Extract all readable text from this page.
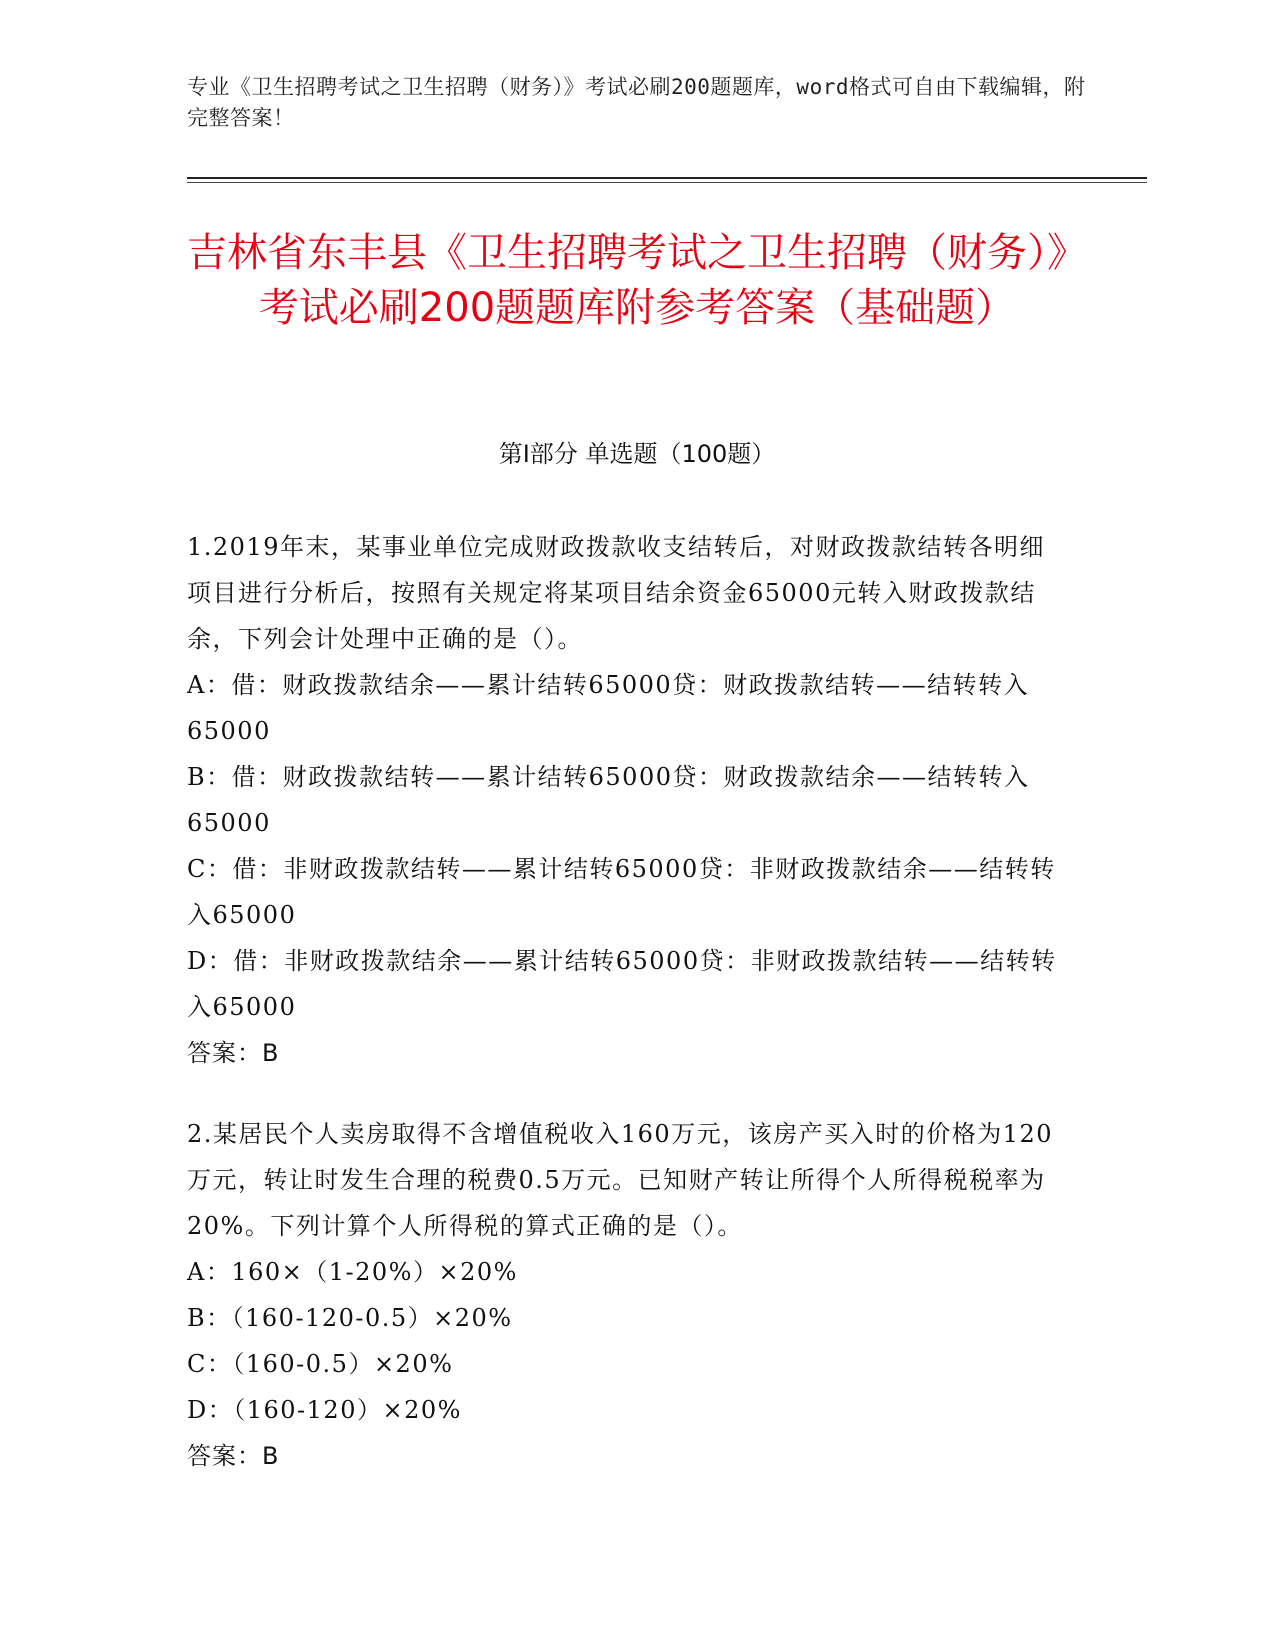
专业《卫生招聘考试之卫生招聘（财务）》考试必刷200题题库，word格式可自由下载编辑，附完整答案！
吉林省东丰县《卫生招聘考试之卫生招聘（财务）》考试必刷200题题库附参考答案（基础题）
第Ⅰ部分 单选题（100题）
1.2019年末，某事业单位完成财政拨款收支结转后，对财政拨款结转各明细项目进行分析后，按照有关规定将某项目结余资金65000元转入财政拨款结余，下列会计处理中正确的是（）。
A：借：财政拨款结余——累计结转65000贷：财政拨款结转——结转转入65000
B：借：财政拨款结转——累计结转65000贷：财政拨款结余——结转转入65000
C：借：非财政拨款结转——累计结转65000贷：非财政拨款结余——结转转入65000
D：借：非财政拨款结余——累计结转65000贷：非财政拨款结转——结转转入65000
答案：B
2.某居民个人卖房取得不含增值税收入160万元，该房产买入时的价格为120万元，转让时发生合理的税费0.5万元。已知财产转让所得个人所得税税率为20%。下列计算个人所得税的算式正确的是（）。
A：160×（1-20%）×20%
B：（160-120-0.5）×20%
C：（160-0.5）×20%
D：（160-120）×20%
答案：B
